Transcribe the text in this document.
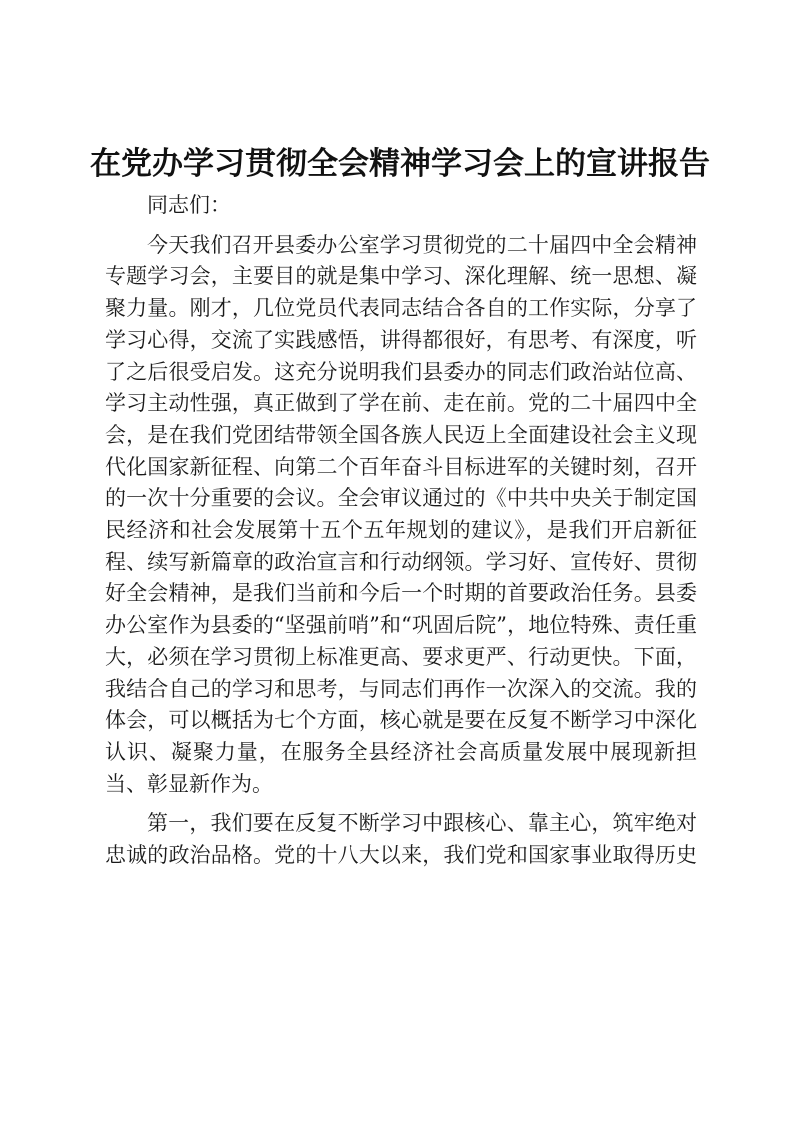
在党办学习贯彻全会精神学习会上的宣讲报告

同志们：

今天我们召开县委办公室学习贯彻党的二十届四中全会精神专题学习会，主要目的就是集中学习、深化理解、统一思想、凝聚力量。刚才，几位党员代表同志结合各自的工作实际，分享了学习心得，交流了实践感悟，讲得都很好，有思考、有深度，听了之后很受启发。这充分说明我们县委办的同志们政治站位高、学习主动性强，真正做到了学在前、走在前。党的二十届四中全会，是在我们党团结带领全国各族人民迈上全面建设社会主义现代化国家新征程、向第二个百年奋斗目标进军的关键时刻，召开的一次十分重要的会议。全会审议通过的《中共中央关于制定国民经济和社会发展第十五个五年规划的建议》，是我们开启新征程、续写新篇章的政治宣言和行动纲领。学习好、宣传好、贯彻好全会精神，是我们当前和今后一个时期的首要政治任务。县委办公室作为县委的“坚强前哨”和“巩固后院”，地位特殊、责任重大，必须在学习贯彻上标准更高、要求更严、行动更快。下面，我结合自己的学习和思考，与同志们再作一次深入的交流。我的体会，可以概括为七个方面，核心就是要在反复不断学习中深化认识、凝聚力量，在服务全县经济社会高质量发展中展现新担当、彰显新作为。

第一，我们要在反复不断学习中跟核心、靠主心，筑牢绝对忠诚的政治品格。党的十八大以来，我们党和国家事业取得历史
